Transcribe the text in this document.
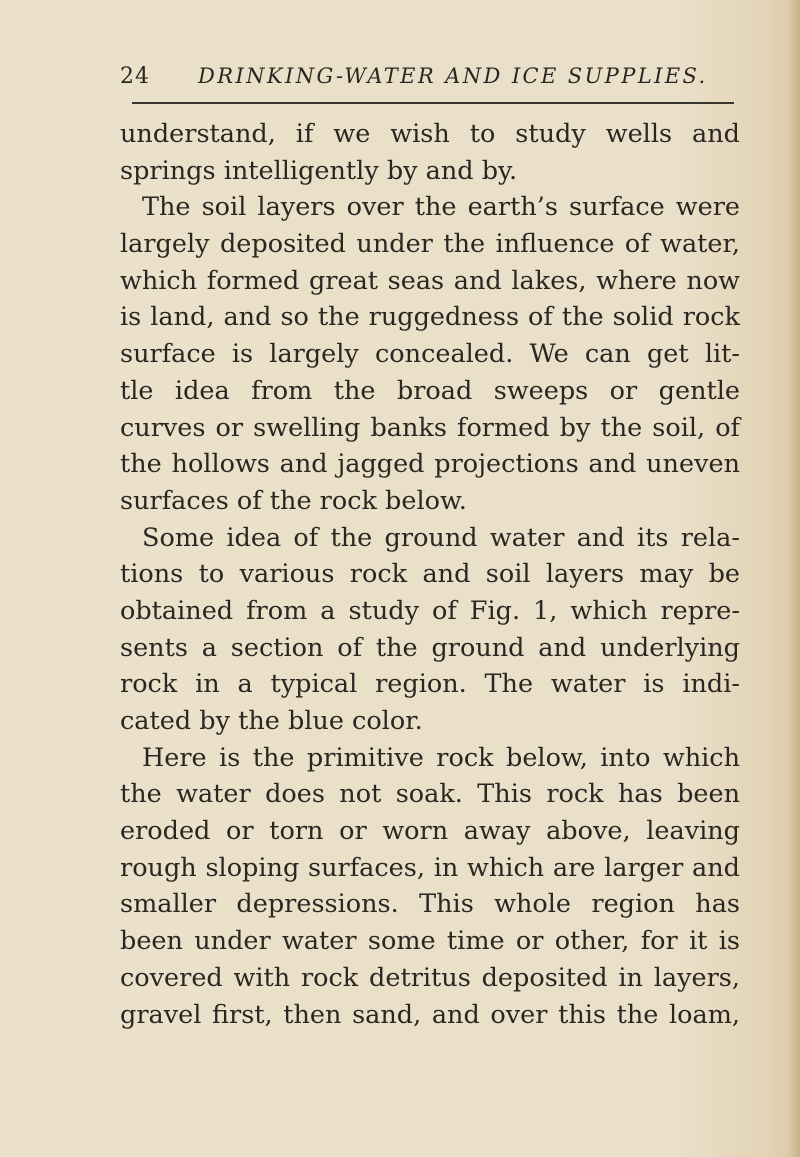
24 DRINKING-WATER AND ICE SUPPLIES.
understand, if we wish to study wells and
springs intelligently by and by.
The soil layers over the earth’s surface were
largely deposited under the influence of water,
which formed great seas and lakes, where now
is land, and so the ruggedness of the solid rock
surface is largely concealed. We can get lit-
tle idea from the broad sweeps or gentle
curves or swelling banks formed by the soil, of
the hollows and jagged projections and uneven
surfaces of the rock below.
Some idea of the ground water and its rela-
tions to various rock and soil layers may be
obtained from a study of Fig. 1, which repre-
sents a section of the ground and underlying
rock in a typical region. The water is indi-
cated by the blue color.
Here is the primitive rock below, into which
the water does not soak. This rock has been
eroded or torn or worn away above, leaving
rough sloping surfaces, in which are larger and
smaller depressions. This whole region has
been under water some time or other, for it is
covered with rock detritus deposited in layers,
gravel first, then sand, and over this the loam,
